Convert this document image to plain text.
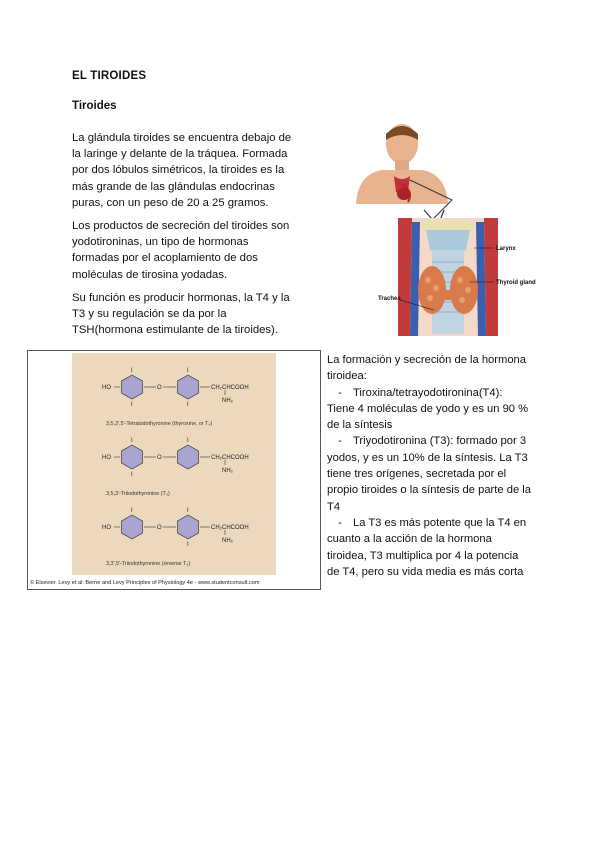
EL TIROIDES
Tiroides
La glándula tiroides se encuentra debajo de la laringe y delante de la tráquea. Formada por dos lóbulos simétricos, la tiroides es la más grande de las glándulas endocrinas puras, con un peso de 20 a 25 gramos.
Los productos de secreción del tiroides son yodotironinas, un tipo de hormonas formadas por el acoplamiento de dos moléculas de tirosina yodadas.
Su función es producir hormonas, la T4 y la T3 y su regulación se da por la TSH(hormona estimulante de la tiroides).
Larynx
Thyroid gland
Trachea
HO	O	CH₂CHCOOH
NH₂
I
I
I
I
3,5,3',5'-Tetraiodothyronine (thyroxine, or T₄)
HO	O	CH₂CHCOOH
NH₂
I
I
I
3,5,3'-Triiodothyronine (T₃)
HO	O	CH₂CHCOOH
NH₂
I	I
I
3,3',5'-Triiodothyronine (reverse T₃)
© Elsevier. Levy et al: Berne and Levy Principles of Physiology 4e - www.studentconsult.com

La formación y secreción de la hormona tiroidea:

- Tiroxina/tetrayodotironina(T4): Tiene 4 moléculas de yodo y es un 90 % de la síntesis
- Triyodotironina (T3): formado por 3 yodos, y es un 10% de la síntesis. La T3 tiene tres orígenes, secretada por el propio tiroides o la síntesis de parte de la T4
- La T3 es más potente que la T4 en cuanto a la acción de la hormona tiroidea, T3 multiplica por 4 la potencia de T4, pero su vida media es más corta
